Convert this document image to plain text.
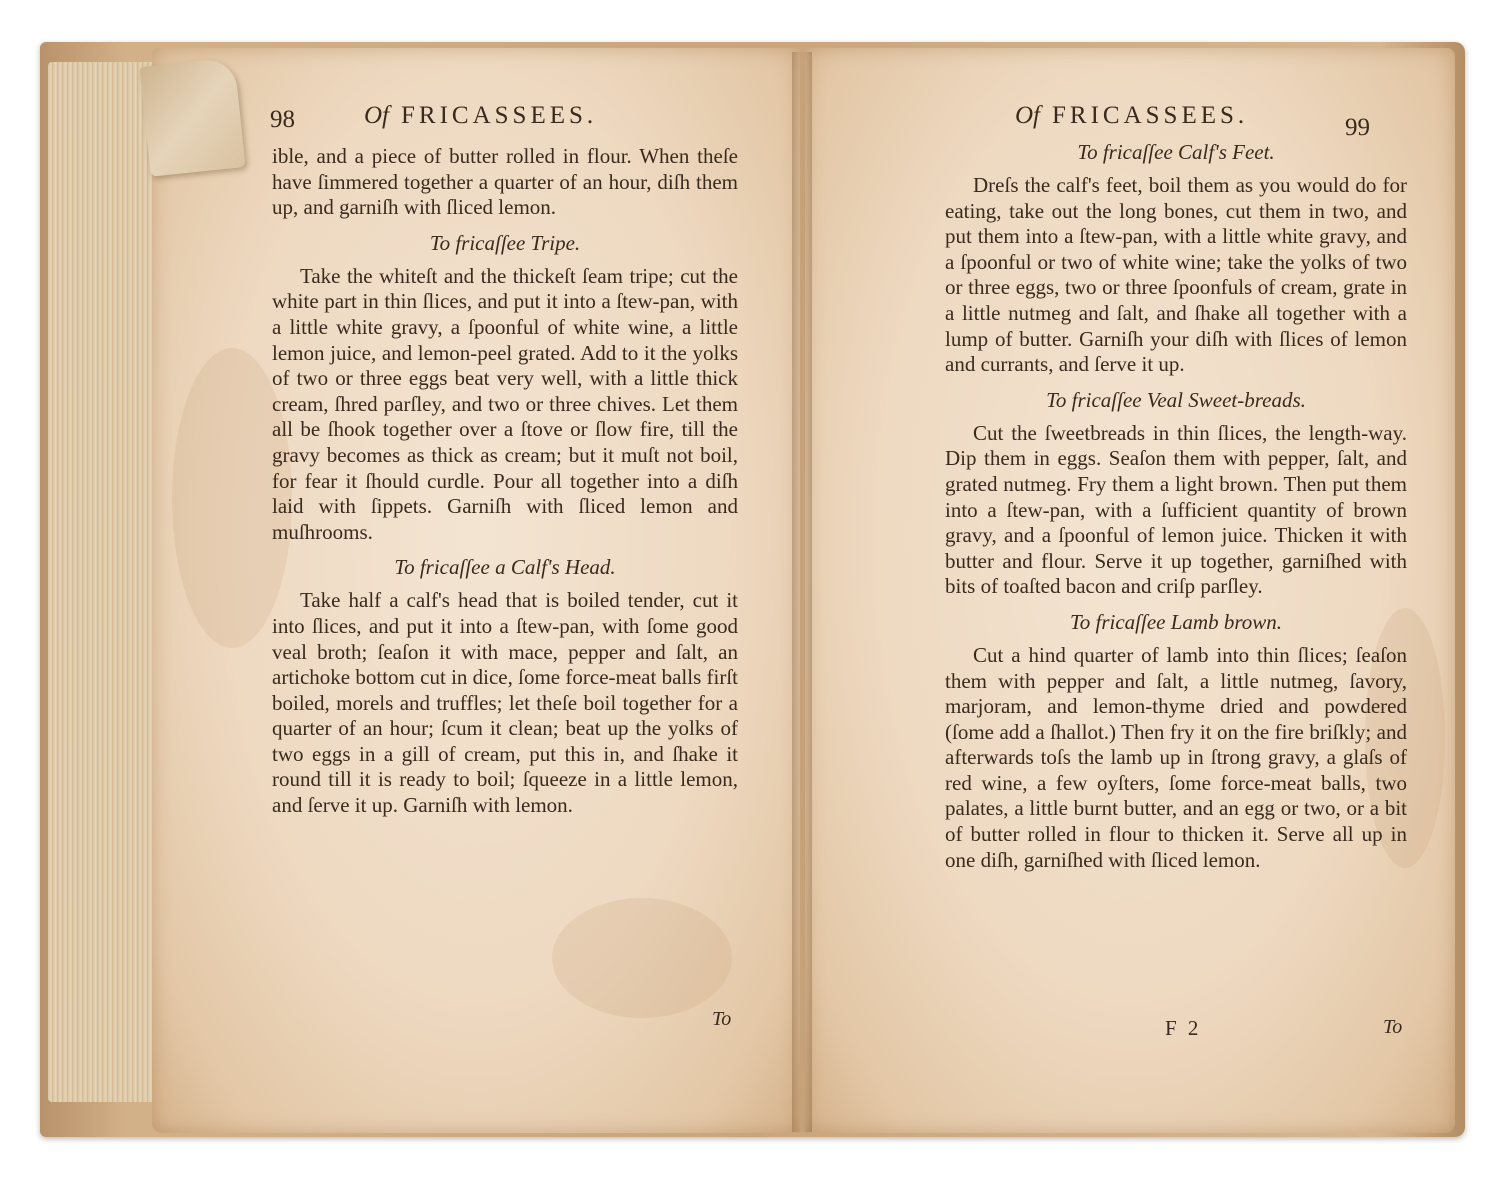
98	Of FRICASSEES.

ible, and a piece of butter rolled in flour. When theſe have ſimmered together a quarter of an hour, diſh them up, and garniſh with ſliced lemon.

To fricaſſee Tripe.

Take the whiteſt and the thickeſt ſeam tripe; cut the white part in thin ſlices, and put it into a ſtew-pan, with a little white gravy, a ſpoonful of white wine, a little lemon juice, and lemon-peel grated. Add to it the yolks of two or three eggs beat very well, with a little thick cream, ſhred parſley, and two or three chives. Let them all be ſhook together over a ſtove or ſlow fire, till the gravy becomes as thick as cream; but it muſt not boil, for fear it ſhould curdle. Pour all together into a diſh laid with ſippets. Garniſh with ſliced lemon and muſhrooms.

To fricaſſee a Calf's Head.

Take half a calf's head that is boiled tender, cut it into ſlices, and put it into a ſtew-pan, with ſome good veal broth; ſeaſon it with mace, pepper and ſalt, an artichoke bottom cut in dice, ſome force-meat balls firſt boiled, morels and truffles; let theſe boil together for a quarter of an hour; ſcum it clean; beat up the yolks of two eggs in a gill of cream, put this in, and ſhake it round till it is ready to boil; ſqueeze in a little lemon, and ſerve it up. Garniſh with lemon.

To
Of FRICASSEES.	99
To fricaſſee Calf's Feet.

Dreſs the calf's feet, boil them as you would do for eating, take out the long bones, cut them in two, and put them into a ſtew-pan, with a little white gravy, and a ſpoonful or two of white wine; take the yolks of two or three eggs, two or three ſpoonfuls of cream, grate in a little nutmeg and ſalt, and ſhake all together with a lump of butter. Garniſh your diſh with ſlices of lemon and currants, and ſerve it up.

To fricaſſee Veal Sweet-breads.

Cut the ſweetbreads in thin ſlices, the length-way. Dip them in eggs. Seaſon them with pepper, ſalt, and grated nutmeg. Fry them a light brown. Then put them into a ſtew-pan, with a ſufficient quantity of brown gravy, and a ſpoonful of lemon juice. Thicken it with butter and flour. Serve it up together, garniſhed with bits of toaſted bacon and criſp parſley.

To fricaſſee Lamb brown.

Cut a hind quarter of lamb into thin ſlices; ſeaſon them with pepper and ſalt, a little nutmeg, ſavory, marjoram, and lemon-thyme dried and powdered (ſome add a ſhallot.) Then fry it on the fire briſkly; and afterwards toſs the lamb up in ſtrong gravy, a glaſs of red wine, a few oyſters, ſome force-meat balls, two palates, a little burnt butter, and an egg or two, or a bit of butter rolled in flour to thicken it. Serve all up in one diſh, garniſhed with ſliced lemon.

F 2	To
